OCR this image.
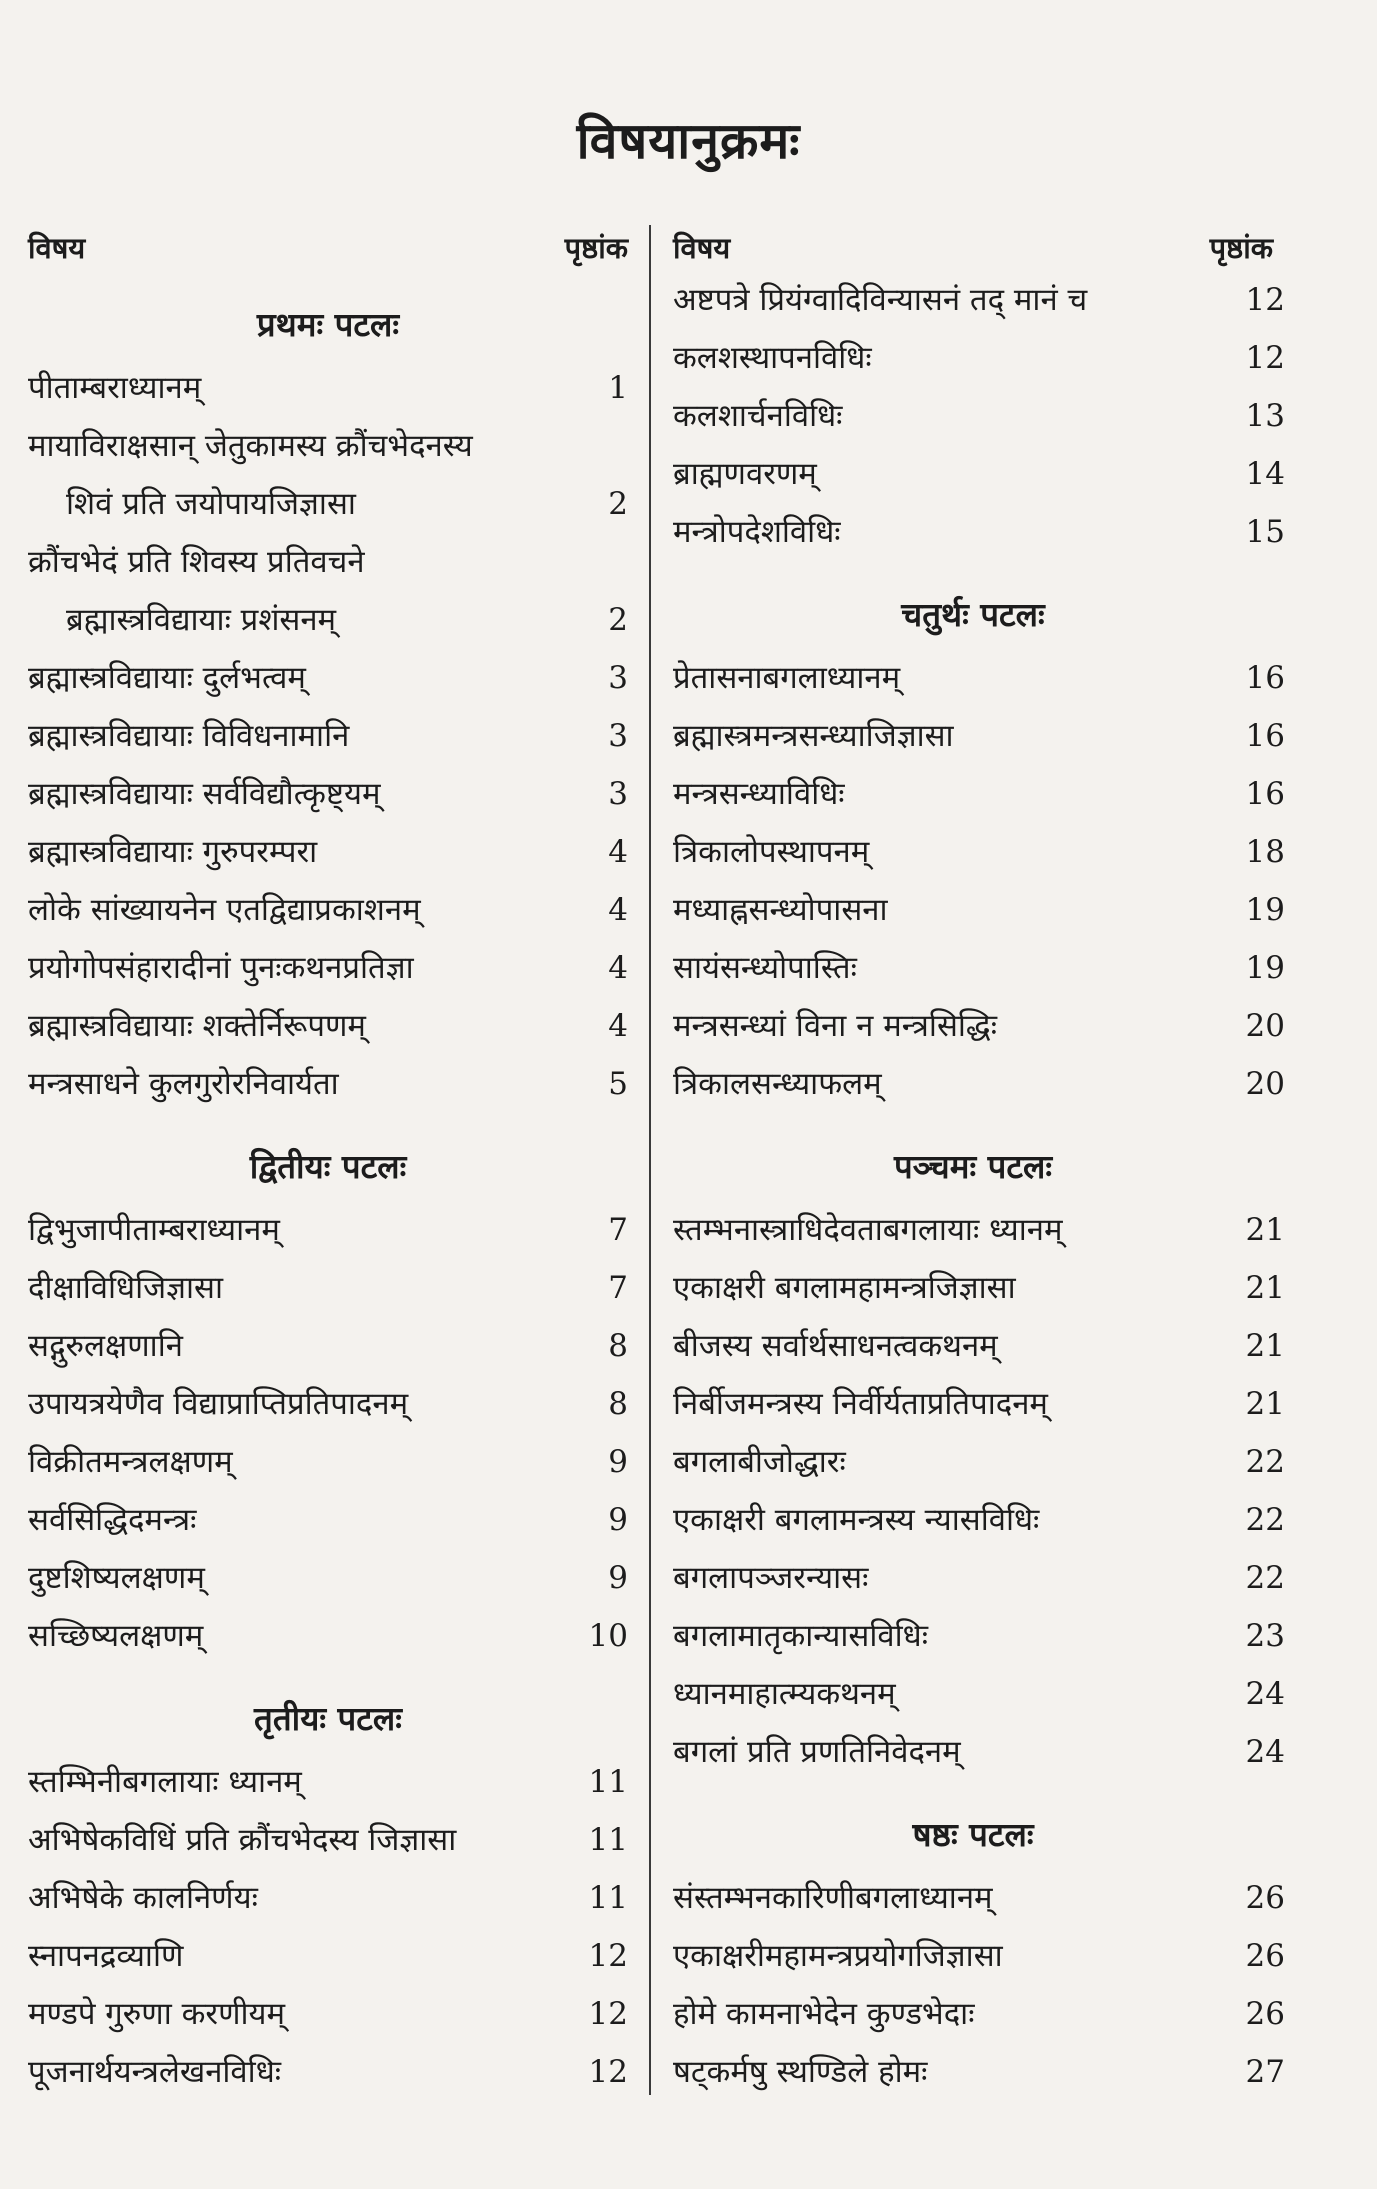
विषयानुक्रमः
विषय	पृष्ठांक
प्रथमः पटलः
पीताम्बराध्यानम्	1
मायाविराक्षसान् जेतुकामस्य क्रौंचभेदनस्य
शिवं प्रति जयोपायजिज्ञासा	2
क्रौंचभेदं प्रति शिवस्य प्रतिवचने
ब्रह्मास्त्रविद्यायाः प्रशंसनम्	2
ब्रह्मास्त्रविद्यायाः दुर्लभत्वम्	3
ब्रह्मास्त्रविद्यायाः विविधनामानि	3
ब्रह्मास्त्रविद्यायाः सर्वविद्यौत्कृष्ट्यम्	3
ब्रह्मास्त्रविद्यायाः गुरुपरम्परा	4
लोके सांख्यायनेन एतद्विद्याप्रकाशनम्	4
प्रयोगोपसंहारादीनां पुनःकथनप्रतिज्ञा	4
ब्रह्मास्त्रविद्यायाः शक्तेर्निरूपणम्	4
मन्त्रसाधने कुलगुरोरनिवार्यता	5
द्वितीयः पटलः
द्विभुजापीताम्बराध्यानम्	7
दीक्षाविधिजिज्ञासा	7
सद्गुरुलक्षणानि	8
उपायत्रयेणैव विद्याप्राप्तिप्रतिपादनम्	8
विक्रीतमन्त्रलक्षणम्	9
सर्वसिद्धिदमन्त्रः	9
दुष्टशिष्यलक्षणम्	9
सच्छिष्यलक्षणम्	10
तृतीयः पटलः
स्तम्भिनीबगलायाः ध्यानम्	11
अभिषेकविधिं प्रति क्रौंचभेदस्य जिज्ञासा	11
अभिषेके कालनिर्णयः	11
स्नापनद्रव्याणि	12
मण्डपे गुरुणा करणीयम्	12
पूजनार्थयन्त्रलेखनविधिः	12
विषय	पृष्ठांक
अष्टपत्रे प्रियंग्वादिविन्यासनं तद् मानं च	12
कलशस्थापनविधिः	12
कलशार्चनविधिः	13
ब्राह्मणवरणम्	14
मन्त्रोपदेशविधिः	15
चतुर्थः पटलः
प्रेतासनाबगलाध्यानम्	16
ब्रह्मास्त्रमन्त्रसन्ध्याजिज्ञासा	16
मन्त्रसन्ध्याविधिः	16
त्रिकालोपस्थापनम्	18
मध्याह्नसन्ध्योपासना	19
सायंसन्ध्योपास्तिः	19
मन्त्रसन्ध्यां विना न मन्त्रसिद्धिः	20
त्रिकालसन्ध्याफलम्	20
पञ्चमः पटलः
स्तम्भनास्त्राधिदेवताबगलायाः ध्यानम्	21
एकाक्षरी बगलामहामन्त्रजिज्ञासा	21
बीजस्य सर्वार्थसाधनत्वकथनम्	21
निर्बीजमन्त्रस्य निर्वीर्यताप्रतिपादनम्	21
बगलाबीजोद्धारः	22
एकाक्षरी बगलामन्त्रस्य न्यासविधिः	22
बगलापञ्जरन्यासः	22
बगलामातृकान्यासविधिः	23
ध्यानमाहात्म्यकथनम्	24
बगलां प्रति प्रणतिनिवेदनम्	24
षष्ठः पटलः
संस्तम्भनकारिणीबगलाध्यानम्	26
एकाक्षरीमहामन्त्रप्रयोगजिज्ञासा	26
होमे कामनाभेदेन कुण्डभेदाः	26
षट्कर्मषु स्थण्डिले होमः	27
